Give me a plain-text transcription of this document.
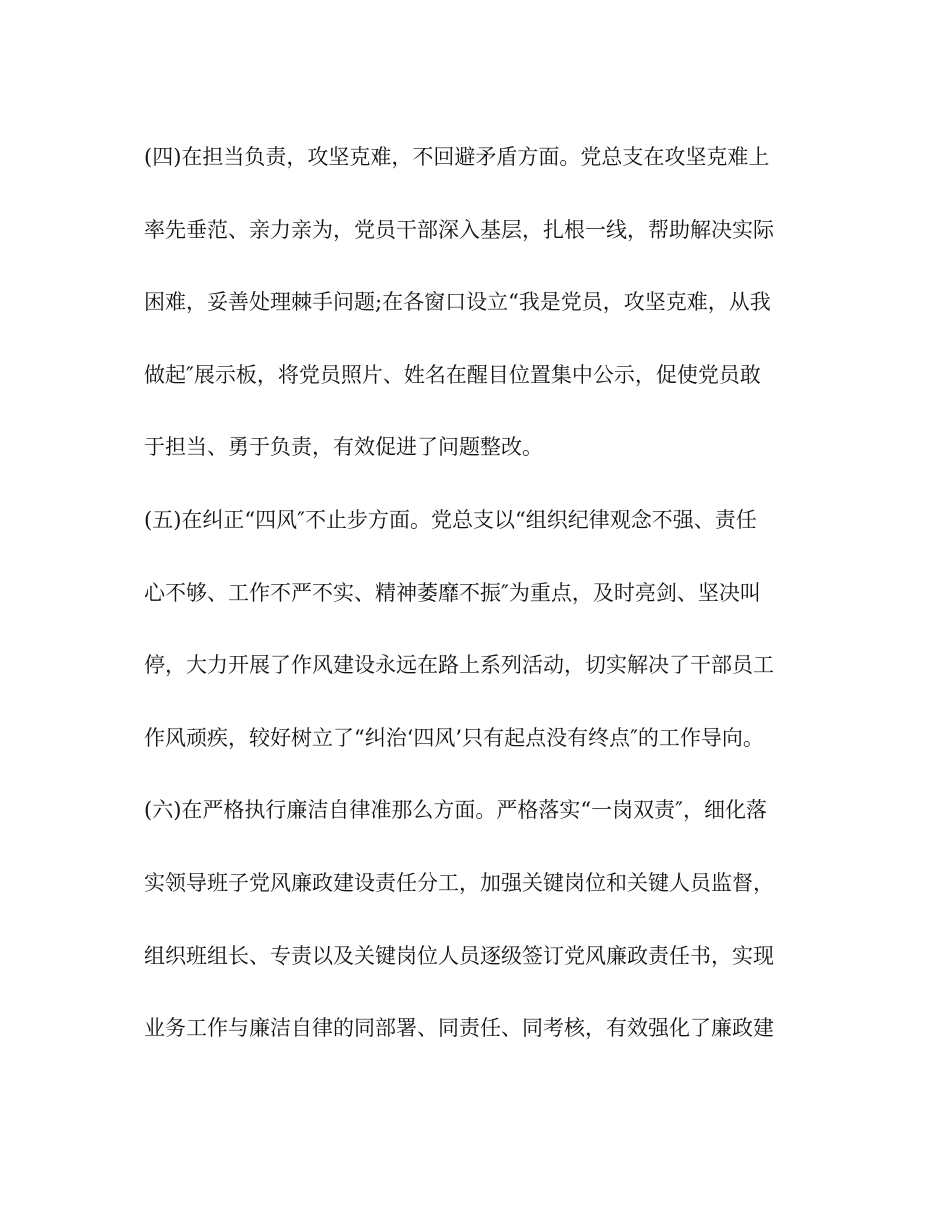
(四)在担当负责，攻坚克难，不回避矛盾方面。党总支在攻坚克难上
率先垂范、亲力亲为，党员干部深入基层，扎根一线，帮助解决实际
困难，妥善处理棘手问题;在各窗口设立“我是党员，攻坚克难，从我
做起″展示板，将党员照片、姓名在醒目位置集中公示，促使党员敢
于担当、勇于负责，有效促进了问题整改。
(五)在纠正“四风″不止步方面。党总支以“组织纪律观念不强、责任
心不够、工作不严不实、精神萎靡不振″为重点，及时亮剑、坚决叫
停，大力开展了作风建设永远在路上系列活动，切实解决了干部员工
作风顽疾，较好树立了“纠治‘四风’只有起点没有终点″的工作导向。
(六)在严格执行廉洁自律准那么方面。严格落实“一岗双责″，细化落
实领导班子党风廉政建设责任分工，加强关键岗位和关键人员监督，
组织班组长、专责以及关键岗位人员逐级签订党风廉政责任书，实现
业务工作与廉洁自律的同部署、同责任、同考核，有效强化了廉政建
